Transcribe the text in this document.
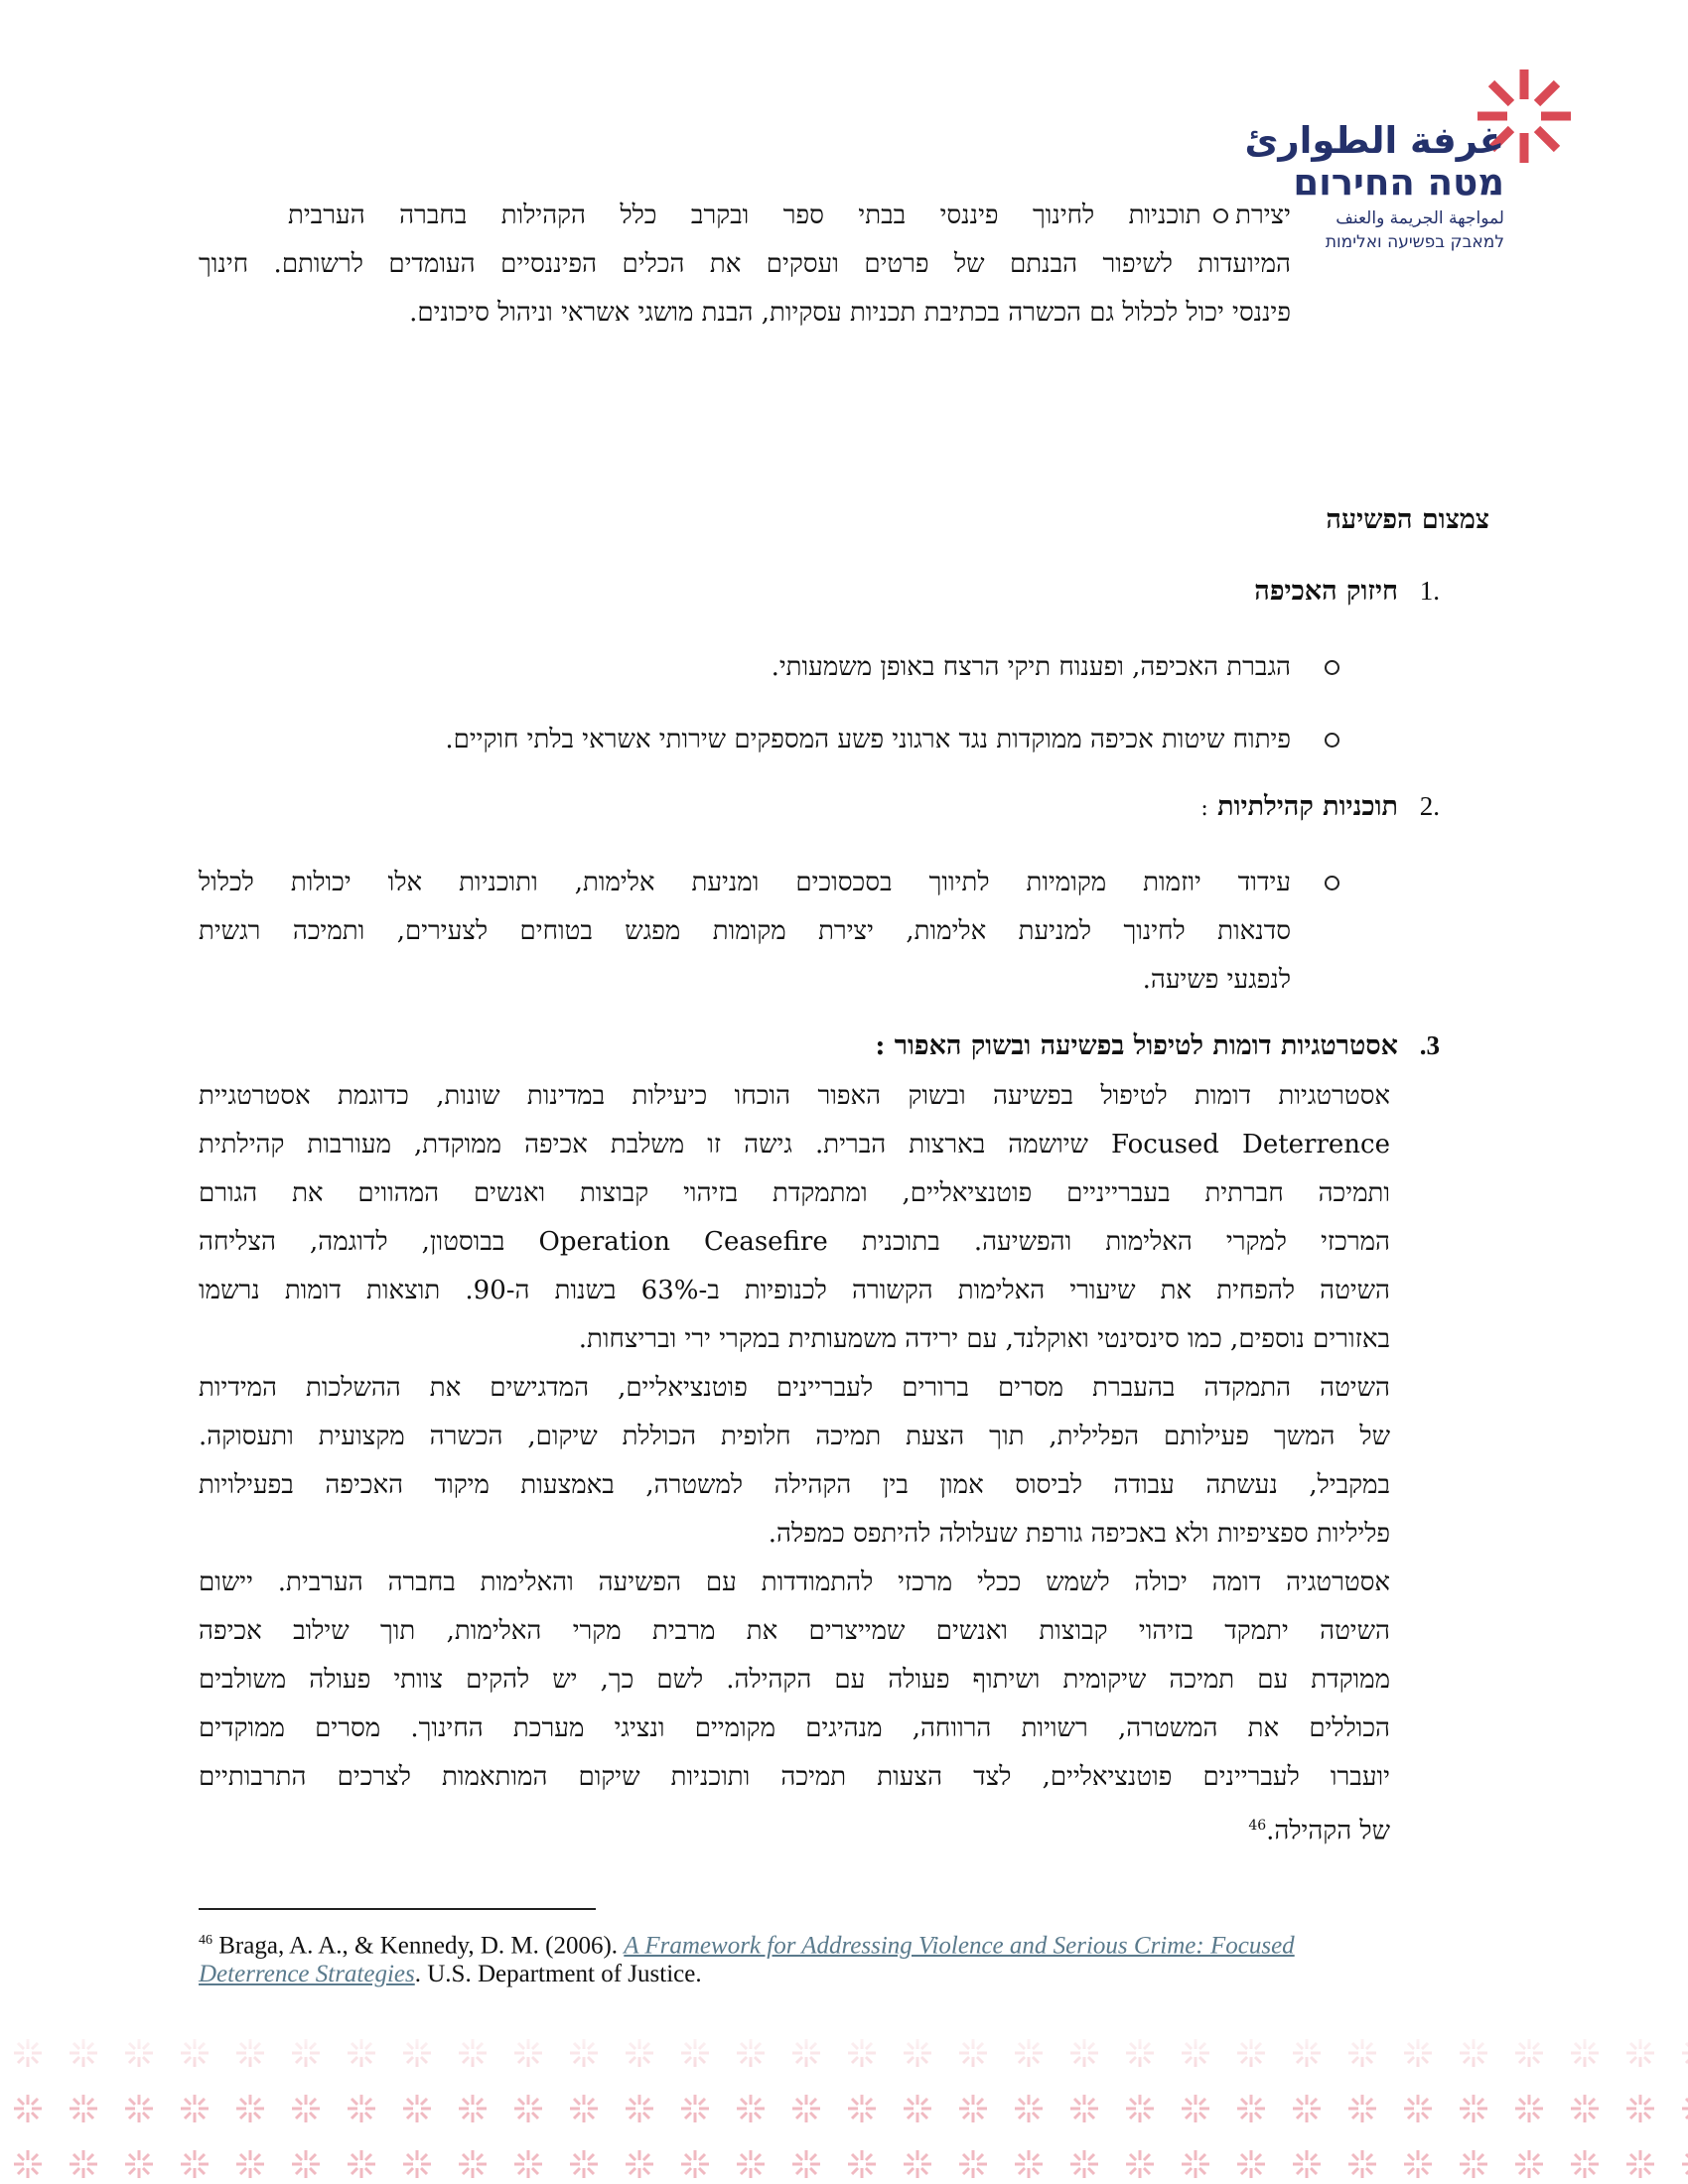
غرفة الطوارئ
מטה החירום
لمواجهة الجريمة والعنف
למאבק בפשיעה ואלימות
יצירת תוכניות לחינוך פיננסי בבתי ספר ובקרב כלל הקהילות בחברה הערבית
המיועדות לשיפור הבנתם של פרטים ועסקים את הכלים הפיננסיים העומדים לרשותם. חינוך
פיננסי יכול לכלול גם הכשרה בכתיבת תכניות עסקיות, הבנת מושגי אשראי וניהול סיכונים.
צמצום הפשיעה
1.
חיזוק האכיפה
הגברת האכיפה, ופענוח תיקי הרצח באופן משמעותי.
פיתוח שיטות אכיפה ממוקדות נגד ארגוני פשע המספקים שירותי אשראי בלתי חוקיים.
2.
תוכניות קהילתיות :
עידוד יוזמות מקומיות לתיווך בסכסוכים ומניעת אלימות, ותוכניות אלו יכולות לכלול
סדנאות לחינוך למניעת אלימות, יצירת מקומות מפגש בטוחים לצעירים, ותמיכה רגשית
לנפגעי פשיעה.
.3
אסטרטגיות דומות לטיפול בפשיעה ובשוק האפור :
אסטרטגיות דומות לטיפול בפשיעה ובשוק האפור הוכחו כיעילות במדינות שונות, כדוגמת אסטרטגיית
Focused Deterrence שיושמה בארצות הברית. גישה זו משלבת אכיפה ממוקדת, מעורבות קהילתית
ותמיכה חברתית בעברייניים פוטנציאליים, ומתמקדת בזיהוי קבוצות ואנשים המהווים את הגורם
המרכזי למקרי האלימות והפשיעה. בתוכנית Operation Ceasefire בבוסטון, לדוגמה, הצליחה
השיטה להפחית את שיעורי האלימות הקשורה לכנופיות ב-63% בשנות ה-90. תוצאות דומות נרשמו
באזורים נוספים, כמו סינסינטי ואוקלנד, עם ירידה משמעותית במקרי ירי ובריצחות.
השיטה התמקדה בהעברת מסרים ברורים לעבריינים פוטנציאליים, המדגישים את ההשלכות המידיות
של המשך פעילותם הפלילית, תוך הצעת תמיכה חלופית הכוללת שיקום, הכשרה מקצועית ותעסוקה.
במקביל, נעשתה עבודה לביסוס אמון בין הקהילה למשטרה, באמצעות מיקוד האכיפה בפעילויות
פליליות ספציפיות ולא באכיפה גורפת שעלולה להיתפס כמפלה.
אסטרטגיה דומה יכולה לשמש ככלי מרכזי להתמודדות עם הפשיעה והאלימות בחברה הערבית. יישום
השיטה יתמקד בזיהוי קבוצות ואנשים שמייצרים את מרבית מקרי האלימות, תוך שילוב אכיפה
ממוקדת עם תמיכה שיקומית ושיתוף פעולה עם הקהילה. לשם כך, יש להקים צוותי פעולה משולבים
הכוללים את המשטרה, רשויות הרווחה, מנהיגים מקומיים ונציגי מערכת החינוך. מסרים ממוקדים
יועברו לעבריינים פוטנציאליים, לצד הצעות תמיכה ותוכניות שיקום המותאמות לצרכים התרבותיים
של הקהילה.$^{46}$
$^{46}$ Braga, A. A., & Kennedy, D. M. (2006). A Framework for Addressing Violence and Serious Crime: Focused Deterrence Strategies. U.S. Department of Justice.
